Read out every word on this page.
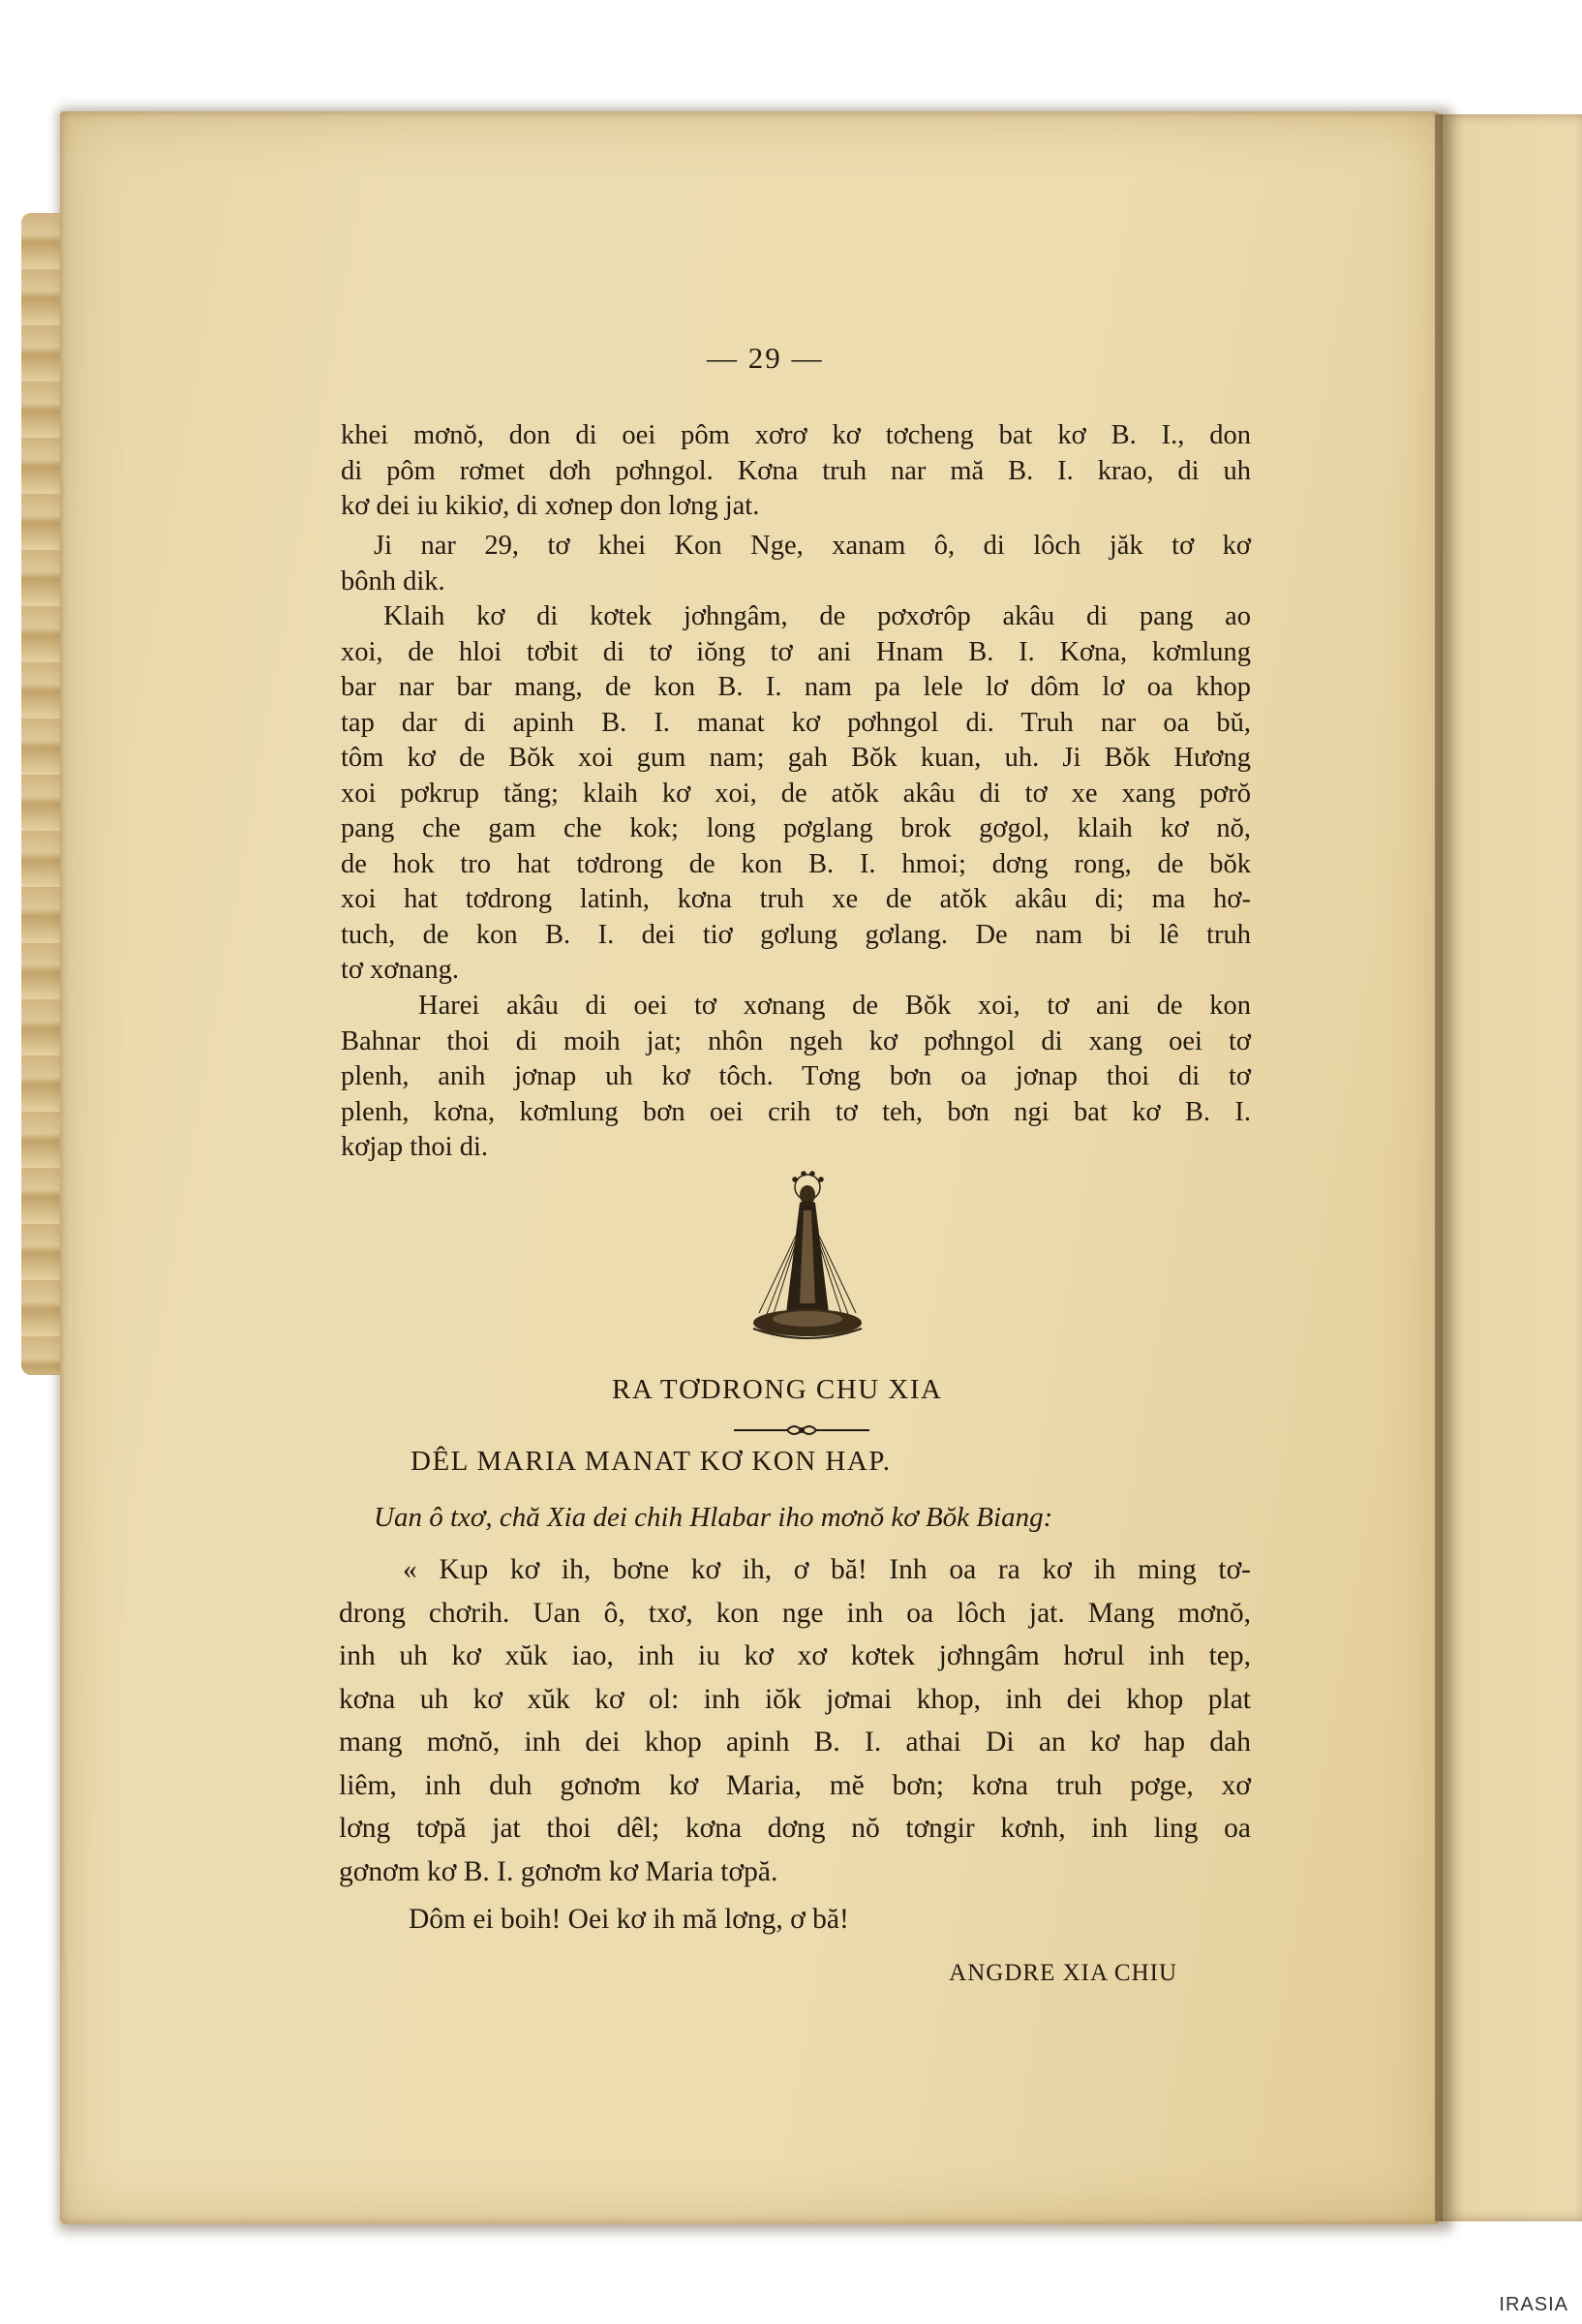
— 29 —
khei mơnŏ, don di oei pôm xơrơ kơ tơcheng bat kơ B. I., don
di pôm rơmet dơh pơhngol. Kơna truh nar mă B. I. krao, di uh
kơ dei iu kikiơ, di xơnep don lơng jat.
Ji nar 29, tơ khei Kon Nge, xanam ô, di lôch jăk tơ kơ
bônh dik.
Klaih kơ di kơtek jơhngâm, de pơxơrôp akâu di pang ao
xoi, de hloi tơbit di tơ iŏng tơ ani Hnam B. I. Kơna, kơmlung
bar nar bar mang, de kon B. I. nam pa lele lơ dôm lơ oa khop
tap dar di apinh B. I. manat kơ pơhngol di. Truh nar oa bŭ,
tôm kơ de Bŏk xoi gum nam; gah Bŏk kuan, uh. Ji Bŏk Hương
xoi pơkrup tăng; klaih kơ xoi, de atŏk akâu di tơ xe xang pơrŏ
pang che gam che kok; long pơglang brok gơgol, klaih kơ nŏ,
de hok tro hat tơdrong de kon B. I. hmoi; dơng rong, de bŏk
xoi hat tơdrong latinh, kơna truh xe de atŏk akâu di; ma hơ-
tuch, de kon B. I. dei tiơ gơlung gơlang. De nam bi lê truh
tơ xơnang.
Harei akâu di oei tơ xơnang de Bŏk xoi, tơ ani de kon
Bahnar thoi di moih jat; nhôn ngeh kơ pơhngol di xang oei tơ
plenh, anih jơnap uh kơ tôch. Tơng bơn oa jơnap thoi di tơ
plenh, kơna, kơmlung bơn oei crih tơ teh, bơn ngi bat kơ B. I.
kơjap thoi di.
RA TƠDRONG CHU XIA
DÊL MARIA MANAT KƠ KON HAP.
Uan ô txơ, chă Xia dei chih Hlabar iho mơnŏ kơ Bŏk Biang:
« Kup kơ ih, bơne kơ ih, ơ bă! Inh oa ra kơ ih ming tơ-
drong chơrih. Uan ô, txơ, kon nge inh oa lôch jat. Mang mơnŏ,
inh uh kơ xŭk iao, inh iu kơ xơ kơtek jơhngâm hơrul inh tep,
kơna uh kơ xŭk kơ ol: inh iŏk jơmai khop, inh dei khop plat
mang mơnŏ, inh dei khop apinh B. I. athai Di an kơ hap dah
liêm, inh duh gơnơm kơ Maria, mĕ bơn; kơna truh pơge, xơ
lơng tơpă jat thoi dêl; kơna dơng nŏ tơngir kơnh, inh ling oa
gơnơm kơ B. I. gơnơm kơ Maria tơpă.
Dôm ei boih! Oei kơ ih mă lơng, ơ bă!
ANGDRE XIA CHIU
IRASIA
